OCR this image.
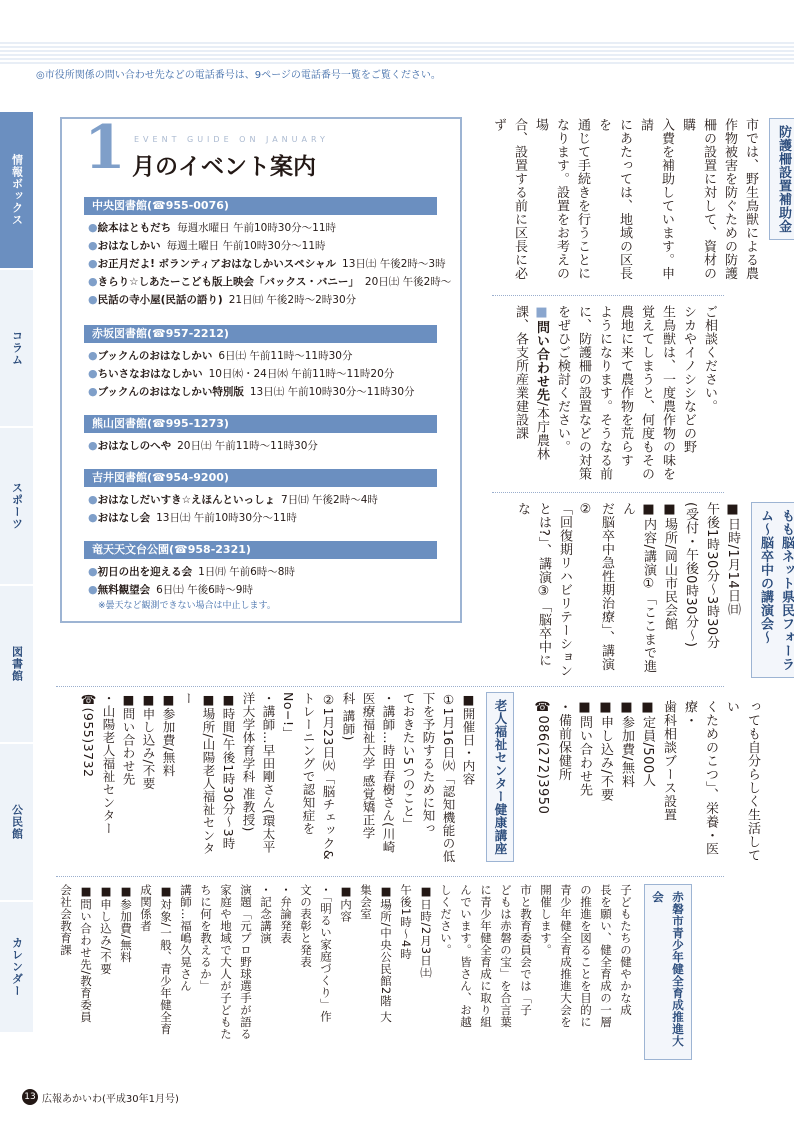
◎市役所関係の問い合わせ先などの電話番号は、9ページの電話番号一覧をご覧ください。
情報ボックス
コラム
スポーツ
図書館
公民館
カレンダー
1 EVENT GUIDE ON JANUARY
月のイベント案内
中央図書館(☎955-0076)
●絵本はともだち 毎週水曜日 午前10時30分〜11時
●おはなしかい 毎週土曜日 午前10時30分〜11時
●お正月だよ! ボランティアおはなしかいスペシャル 13日㈯ 午後2時〜3時
●きらり☆しあたーこども版上映会「バックス・バニー」 20日㈯ 午後2時〜
●民話の寺小屋(民話の語り) 21日㈰ 午後2時〜2時30分
赤坂図書館(☎957-2212)
●ブックんのおはなしかい 6日㈯ 午前11時〜11時30分
●ちいさなおはなしかい 10日㈬・24日㈬ 午前11時〜11時20分
●ブックんのおはなしかい特別版 13日㈯ 午前10時30分〜11時30分
熊山図書館(☎995-1273)
●おはなしのへや 20日㈯ 午前11時〜11時30分
吉井図書館(☎954-9200)
●おはなしだいすき☆えほんといっしょ 7日㈰ 午後2時〜4時
●おはなし会 13日㈯ 午前10時30分〜11時
竜天天文台公園(☎958-2321)
●初日の出を迎える会 1日㈪ 午前6時〜8時
●無料観望会 6日㈯ 午後6時〜9時
※曇天など観測できない場合は中止します。
防護柵設置補助金
市では、野生鳥獣による農
作物被害を防ぐための防護
柵の設置に対して、資材の購
入費を補助しています。申請
にあたっては、地域の区長を
通じて手続きを行うことに
なります。設置をお考えの場
合、設置する前に区長に必ず
ご相談ください。
シカやイノシシなどの野
生鳥獣は、一度農作物の味を
覚えてしまうと、何度もその
農地に来て農作物を荒らす
ようになります。そうなる前
に、防護柵の設置などの対策
をぜひご検討ください。
■問い合わせ先/本庁農林
課、各支所産業建設課
もも脳ネット県民フォーラム〜脳卒中の講演会〜
■日時/1月14日㈰
午後1時30分〜3時30分
(受付・午後0時30分〜)
■場所/岡山市民会館
■内容/講演①「ここまで進ん
だ脳卒中急性期治療」、講演②
「回復期リハビリテーション
とは?」、講演③「脳卒中にな
っても自分らしく生活してい
くためのこつ」、栄養・医療・
歯科相談ブース設置
■定員/500人
■参加費/無料
■申し込み/不要
■問い合わせ先
・備前保健所
☎086(272)3950
老人福祉センター健康講座
■開催日・内容
①1月16日㈫「認知機能の低
下を予防するために知っ
ておきたい5つのこと」
・講師…時田春樹さん(川崎
医療福祉大学 感覚矯正学
科 講師)
②1月23日㈫「脳チェック&
トレーニングで認知症をNo−!」
・講師…早田剛さん(環太平
洋大学体育学科 准教授)
■時間/午後1時30分〜3時
■場所/山陽老人福祉センター
■参加費/無料
■申し込み/不要
■問い合わせ先
・山陽老人福祉センター
☎(955)3732
赤磐市青少年健全育成推進大会
子どもたちの健やかな成
長を願い、健全育成の一層
の推進を図ることを目的に
青少年健全育成推進大会を
開催します。
市と教育委員会では「子
どもは赤磐の宝」を合言葉
に青少年健全育成に取り組
んでいます。皆さん、お越
しください。
■日時/2月3日㈯
午後1時〜4時
■場所/中央公民館2階 大
集会室
■内容
・「明るい家庭づくり」作
文の表彰と発表
・弁論発表
・記念講演
演題「元プロ野球選手が語る
家庭や地域で大人が子どもた
ちに何を教えるか」
講師…福嶋久晃さん
■対象/一般、青少年健全育
成関係者
■参加費/無料
■申し込み/不要
■問い合わせ先/教育委員
会社会教育課
13 広報あかいわ(平成30年1月号)
